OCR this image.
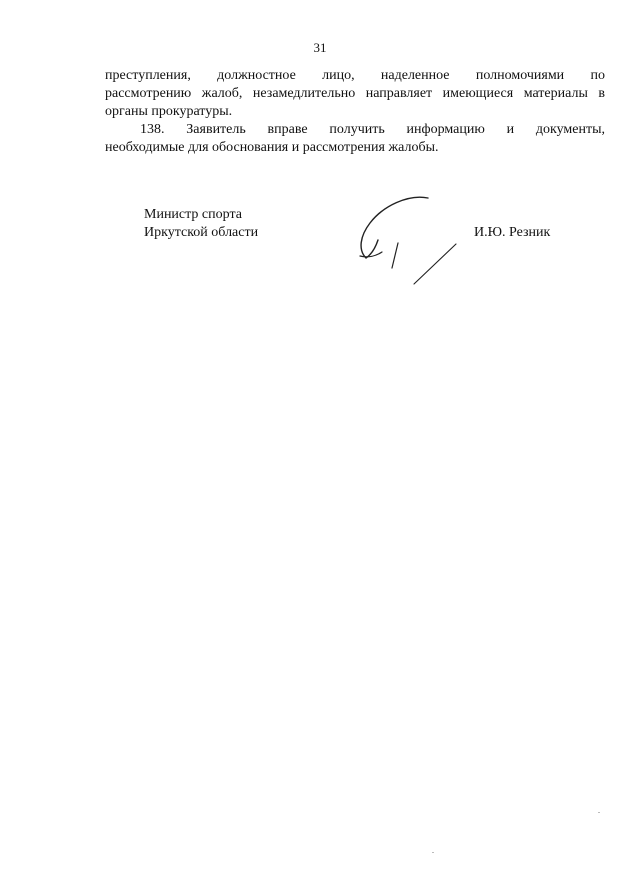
31
преступления, должностное лицо, наделенное полномочиями по
рассмотрению жалоб, незамедлительно направляет имеющиеся материалы в
органы прокуратуры.
138. Заявитель вправе получить информацию и документы,
необходимые для обоснования и рассмотрения жалобы.
Министр спорта
Иркутской области	И.Ю. Резник
